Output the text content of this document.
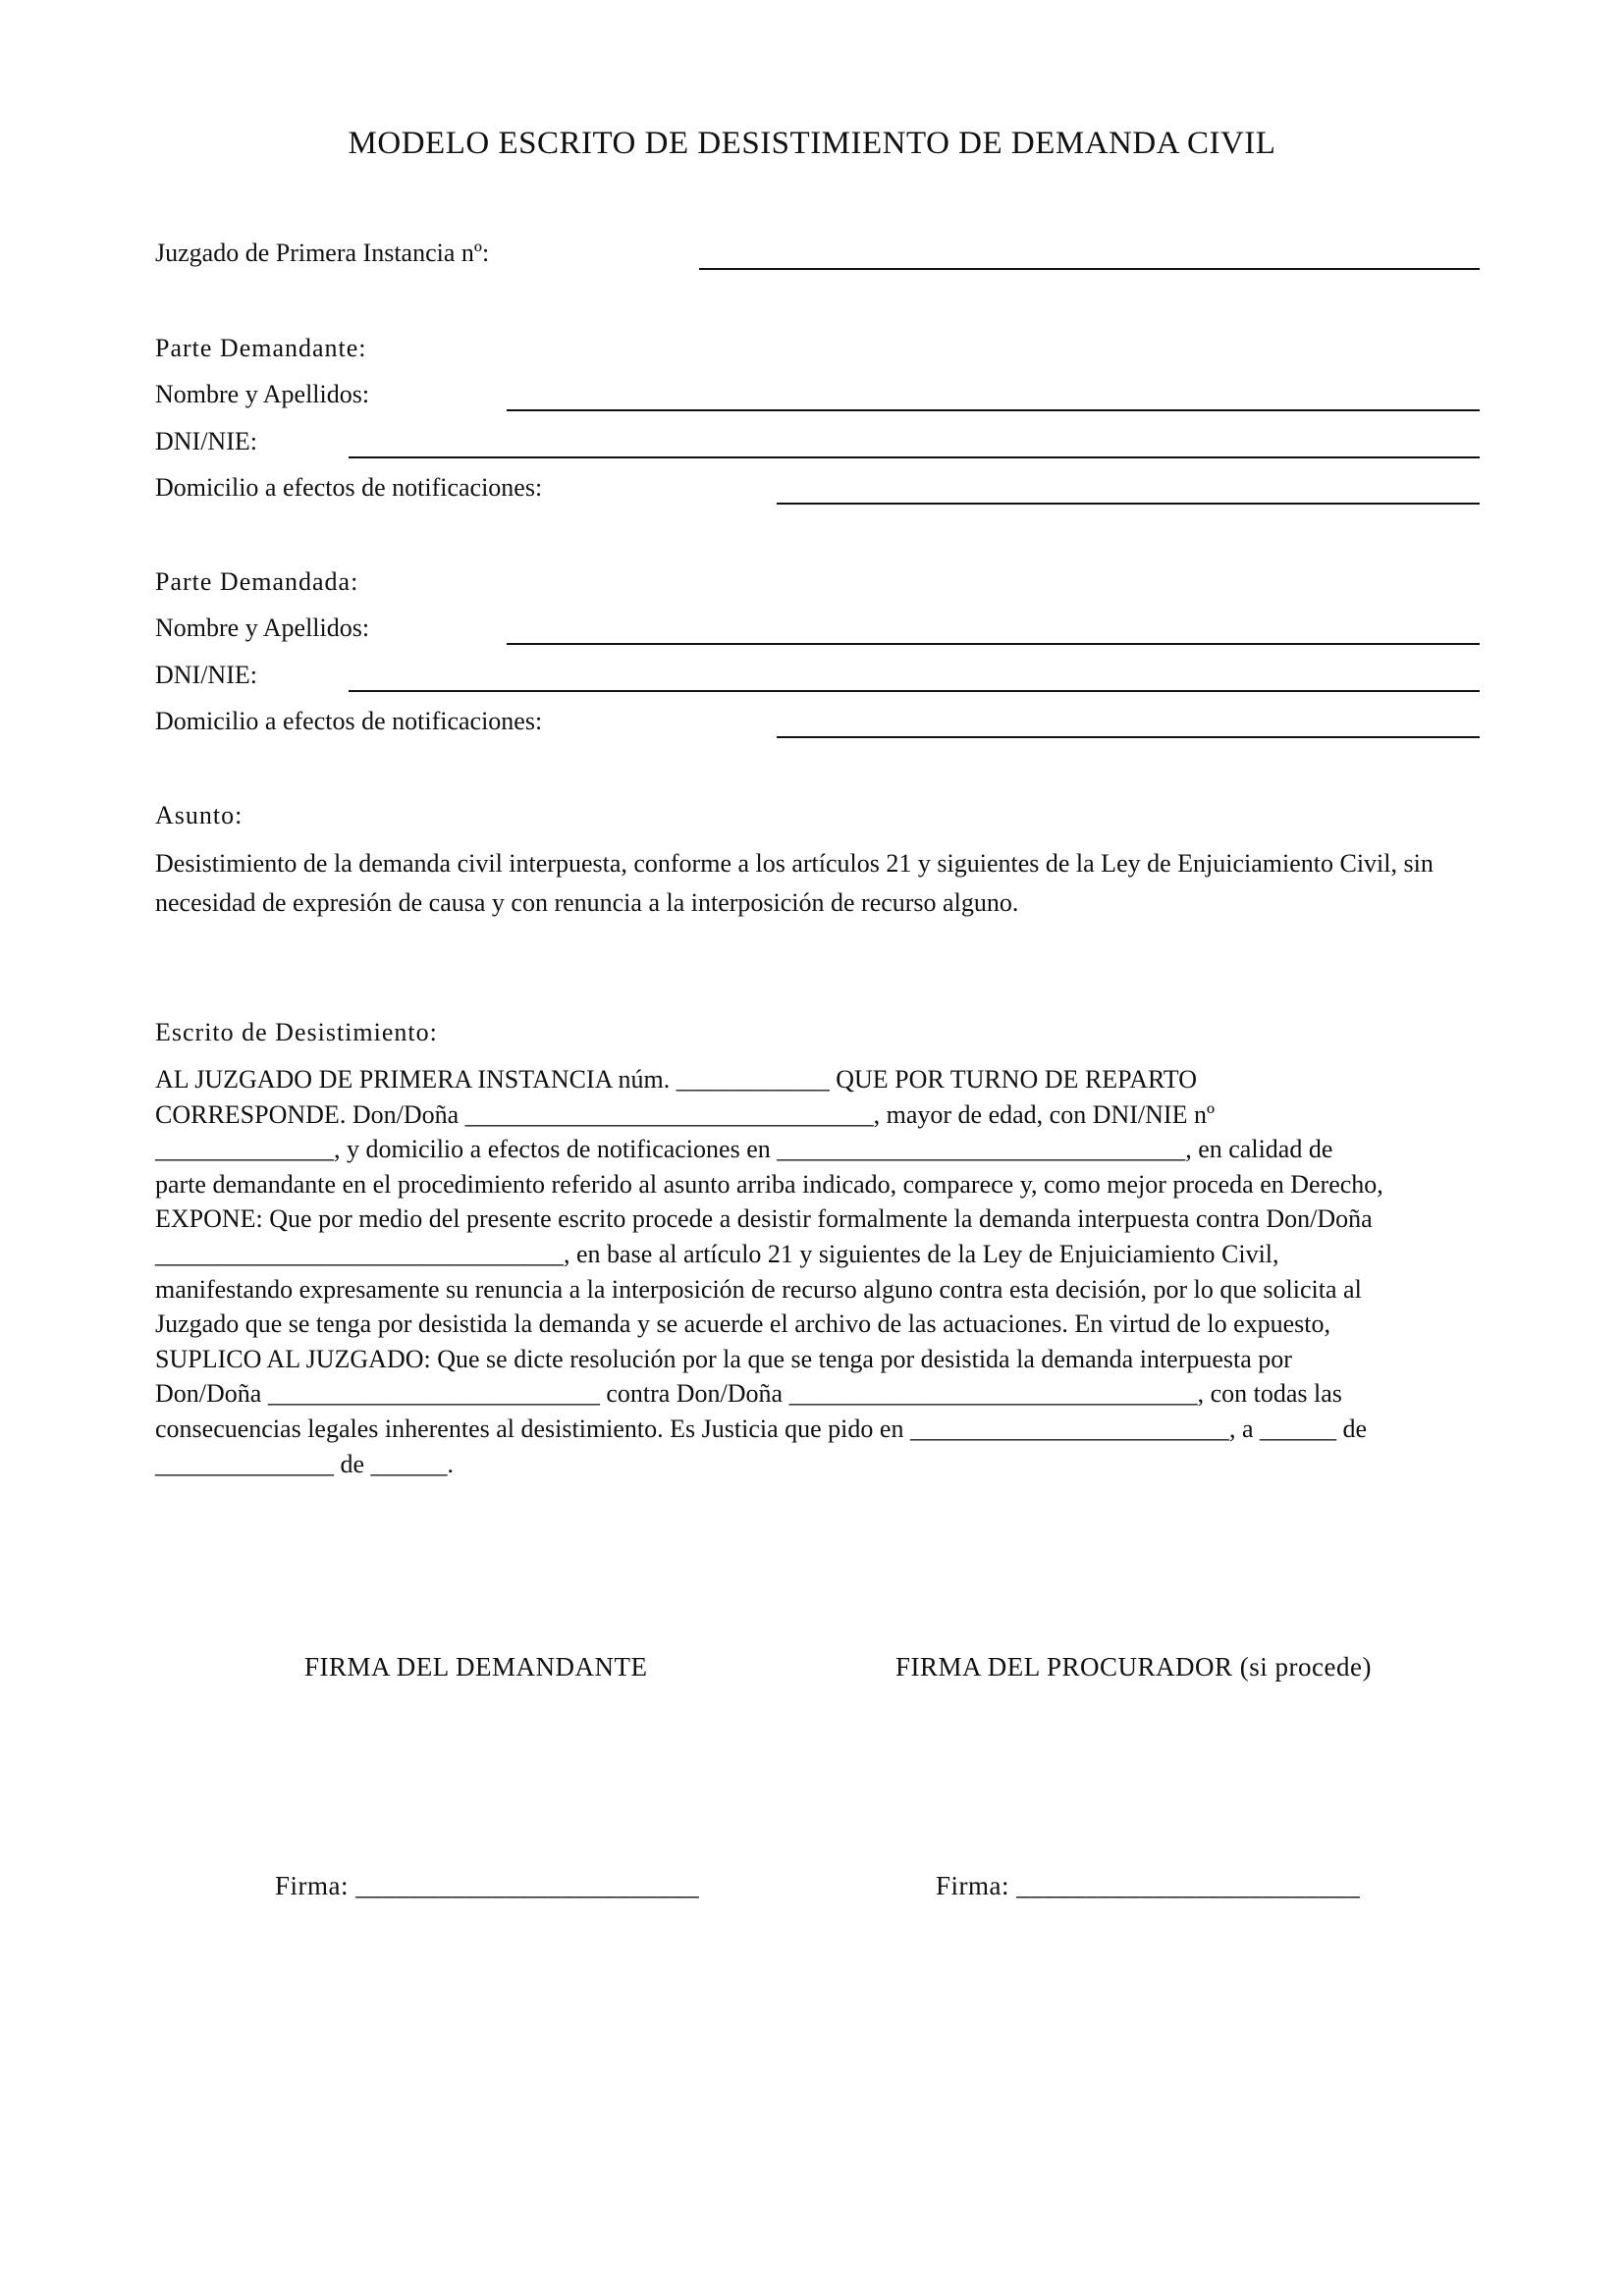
MODELO ESCRITO DE DESISTIMIENTO DE DEMANDA CIVIL
Juzgado de Primera Instancia nº:
Parte Demandante:
Nombre y Apellidos:
DNI/NIE:
Domicilio a efectos de notificaciones:
Parte Demandada:
Nombre y Apellidos:
DNI/NIE:
Domicilio a efectos de notificaciones:
Asunto:
Desistimiento de la demanda civil interpuesta, conforme a los artículos 21 y siguientes de la Ley de Enjuiciamiento Civil, sin necesidad de expresión de causa y con renuncia a la interposición de recurso alguno.
Escrito de Desistimiento:
AL JUZGADO DE PRIMERA INSTANCIA núm. ____________ QUE POR TURNO DE REPARTO
CORRESPONDE. Don/Doña ________________________________, mayor de edad, con DNI/NIE nº
______________, y domicilio a efectos de notificaciones en ________________________________, en calidad de
parte demandante en el procedimiento referido al asunto arriba indicado, comparece y, como mejor proceda en Derecho,
EXPONE: Que por medio del presente escrito procede a desistir formalmente la demanda interpuesta contra Don/Doña
________________________________, en base al artículo 21 y siguientes de la Ley de Enjuiciamiento Civil,
manifestando expresamente su renuncia a la interposición de recurso alguno contra esta decisión, por lo que solicita al
Juzgado que se tenga por desistida la demanda y se acuerde el archivo de las actuaciones. En virtud de lo expuesto,
SUPLICO AL JUZGADO: Que se dicte resolución por la que se tenga por desistida la demanda interpuesta por
Don/Doña __________________________ contra Don/Doña ________________________________, con todas las
consecuencias legales inherentes al desistimiento. Es Justicia que pido en _________________________, a ______ de
______________ de ______.
FIRMA DEL DEMANDANTE	FIRMA DEL PROCURADOR (si procede)
Firma: _________________________	Firma: _________________________
